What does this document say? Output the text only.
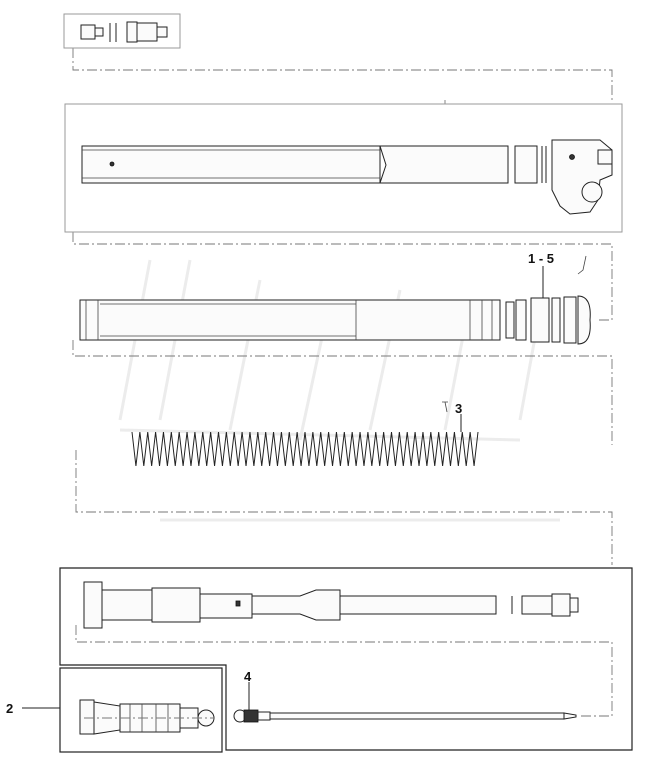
1 - 5
3
2
4
